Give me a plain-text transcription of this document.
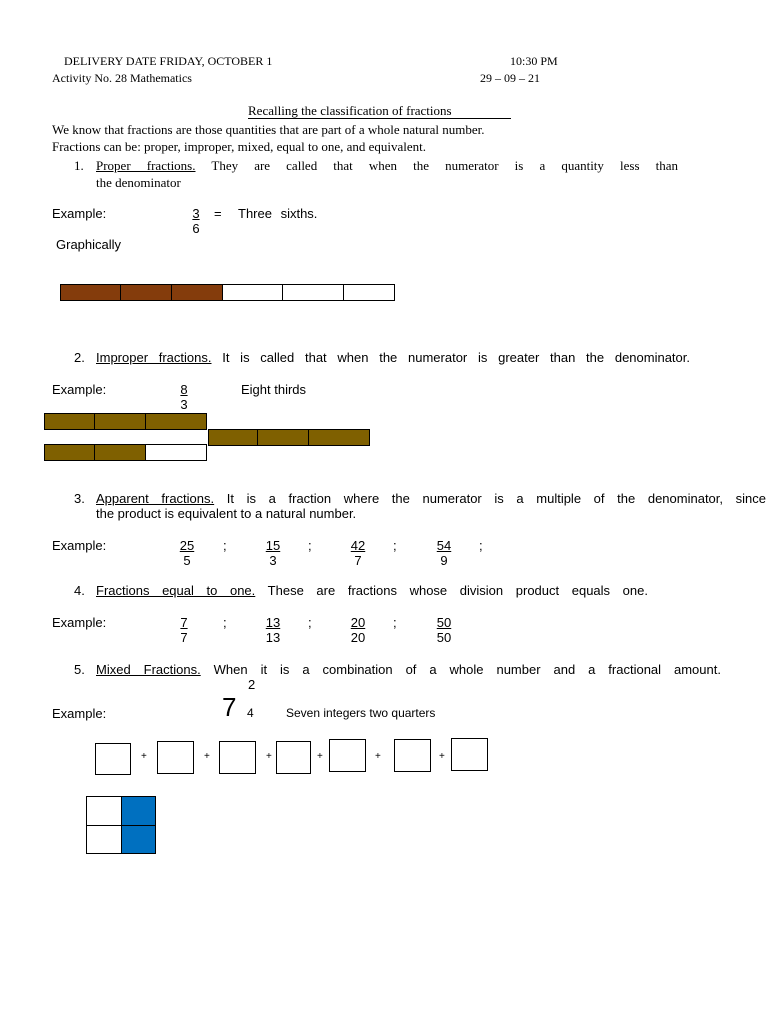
DELIVERY DATE FRIDAY, OCTOBER 1	10:30 PM
Activity No. 28 Mathematics	29 – 09 – 21
Recalling the classification of fractions
We know that fractions are those quantities that are part of a whole natural number.
Fractions can be: proper, improper, mixed, equal to one, and equivalent.
1. Proper fractions. They are called that when the numerator is a quantity less than
the denominator
Example:	$\frac{3}{6}$ = Three sixths.
Graphically
2. Improper fractions. It is called that when the numerator is greater than the denominator.
Example:	$\frac{8}{3}$	Eight thirds
3. Apparent fractions. It is a fraction where the numerator is a multiple of the denominator, since
the product is equivalent to a natural number.
Example:	$\frac{25}{5}$ ;	$\frac{15}{3}$ ;	$\frac{42}{7}$ ;	$\frac{54}{9}$ ;
4. Fractions equal to one. These are fractions whose division product equals one.
Example:	$\frac{7}{7}$ ;	$\frac{13}{13}$ ;	$\frac{20}{20}$ ;	$\frac{50}{50}$
5. Mixed Fractions. When it is a combination of a whole number and a fractional amount.
Example:	7
2
4	Seven integers two quarters
+	+	+	+	+	+
